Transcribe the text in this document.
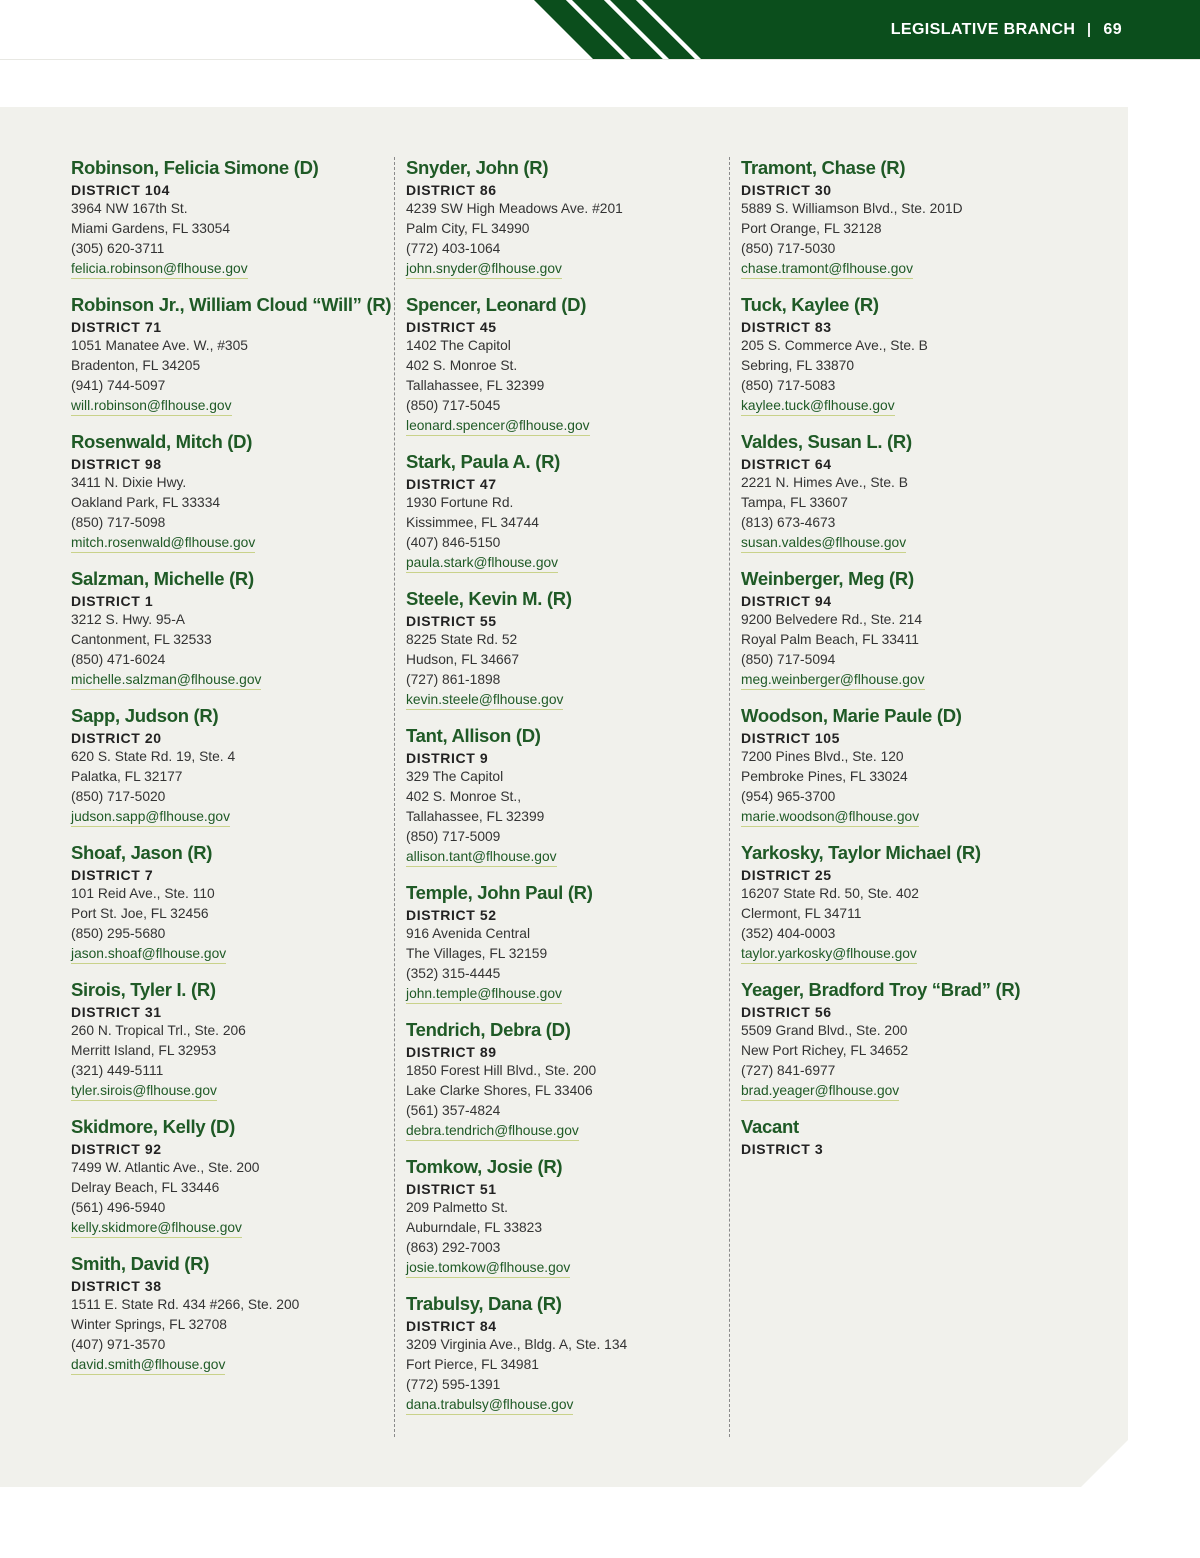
LEGISLATIVE BRANCH 69
Robinson, Felicia Simone (D)
DISTRICT 104
3964 NW 167th St.
Miami Gardens, FL 33054
(305) 620-3711
felicia.robinson@flhouse.gov
Robinson Jr., William Cloud “Will” (R)
DISTRICT 71
1051 Manatee Ave. W., #305
Bradenton, FL 34205
(941) 744-5097
will.robinson@flhouse.gov
Rosenwald, Mitch (D)
DISTRICT 98
3411 N. Dixie Hwy.
Oakland Park, FL 33334
(850) 717-5098
mitch.rosenwald@flhouse.gov
Salzman, Michelle (R)
DISTRICT 1
3212 S. Hwy. 95-A
Cantonment, FL 32533
(850) 471-6024
michelle.salzman@flhouse.gov
Sapp, Judson (R)
DISTRICT 20
620 S. State Rd. 19, Ste. 4
Palatka, FL 32177
(850) 717-5020
judson.sapp@flhouse.gov
Shoaf, Jason (R)
DISTRICT 7
101 Reid Ave., Ste. 110
Port St. Joe, FL 32456
(850) 295-5680
jason.shoaf@flhouse.gov
Sirois, Tyler I. (R)
DISTRICT 31
260 N. Tropical Trl., Ste. 206
Merritt Island, FL 32953
(321) 449-5111
tyler.sirois@flhouse.gov
Skidmore, Kelly (D)
DISTRICT 92
7499 W. Atlantic Ave., Ste. 200
Delray Beach, FL 33446
(561) 496-5940
kelly.skidmore@flhouse.gov
Smith, David (R)
DISTRICT 38
1511 E. State Rd. 434 #266, Ste. 200
Winter Springs, FL 32708
(407) 971-3570
david.smith@flhouse.gov
Snyder, John (R)
DISTRICT 86
4239 SW High Meadows Ave. #201
Palm City, FL 34990
(772) 403-1064
john.snyder@flhouse.gov
Spencer, Leonard (D)
DISTRICT 45
1402 The Capitol
402 S. Monroe St.
Tallahassee, FL 32399
(850) 717-5045
leonard.spencer@flhouse.gov
Stark, Paula A. (R)
DISTRICT 47
1930 Fortune Rd.
Kissimmee, FL 34744
(407) 846-5150
paula.stark@flhouse.gov
Steele, Kevin M. (R)
DISTRICT 55
8225 State Rd. 52
Hudson, FL 34667
(727) 861-1898
kevin.steele@flhouse.gov
Tant, Allison (D)
DISTRICT 9
329 The Capitol
402 S. Monroe St.,
Tallahassee, FL 32399
(850) 717-5009
allison.tant@flhouse.gov
Temple, John Paul (R)
DISTRICT 52
916 Avenida Central
The Villages, FL 32159
(352) 315-4445
john.temple@flhouse.gov
Tendrich, Debra (D)
DISTRICT 89
1850 Forest Hill Blvd., Ste. 200
Lake Clarke Shores, FL 33406
(561) 357-4824
debra.tendrich@flhouse.gov
Tomkow, Josie (R)
DISTRICT 51
209 Palmetto St.
Auburndale, FL 33823
(863) 292-7003
josie.tomkow@flhouse.gov
Trabulsy, Dana (R)
DISTRICT 84
3209 Virginia Ave., Bldg. A, Ste. 134
Fort Pierce, FL 34981
(772) 595-1391
dana.trabulsy@flhouse.gov
Tramont, Chase (R)
DISTRICT 30
5889 S. Williamson Blvd., Ste. 201D
Port Orange, FL 32128
(850) 717-5030
chase.tramont@flhouse.gov
Tuck, Kaylee (R)
DISTRICT 83
205 S. Commerce Ave., Ste. B
Sebring, FL 33870
(850) 717-5083
kaylee.tuck@flhouse.gov
Valdes, Susan L. (R)
DISTRICT 64
2221 N. Himes Ave., Ste. B
Tampa, FL 33607
(813) 673-4673
susan.valdes@flhouse.gov
Weinberger, Meg (R)
DISTRICT 94
9200 Belvedere Rd., Ste. 214
Royal Palm Beach, FL 33411
(850) 717-5094
meg.weinberger@flhouse.gov
Woodson, Marie Paule (D)
DISTRICT 105
7200 Pines Blvd., Ste. 120
Pembroke Pines, FL 33024
(954) 965-3700
marie.woodson@flhouse.gov
Yarkosky, Taylor Michael (R)
DISTRICT 25
16207 State Rd. 50, Ste. 402
Clermont, FL 34711
(352) 404-0003
taylor.yarkosky@flhouse.gov
Yeager, Bradford Troy “Brad” (R)
DISTRICT 56
5509 Grand Blvd., Ste. 200
New Port Richey, FL 34652
(727) 841-6977
brad.yeager@flhouse.gov
Vacant
DISTRICT 3
